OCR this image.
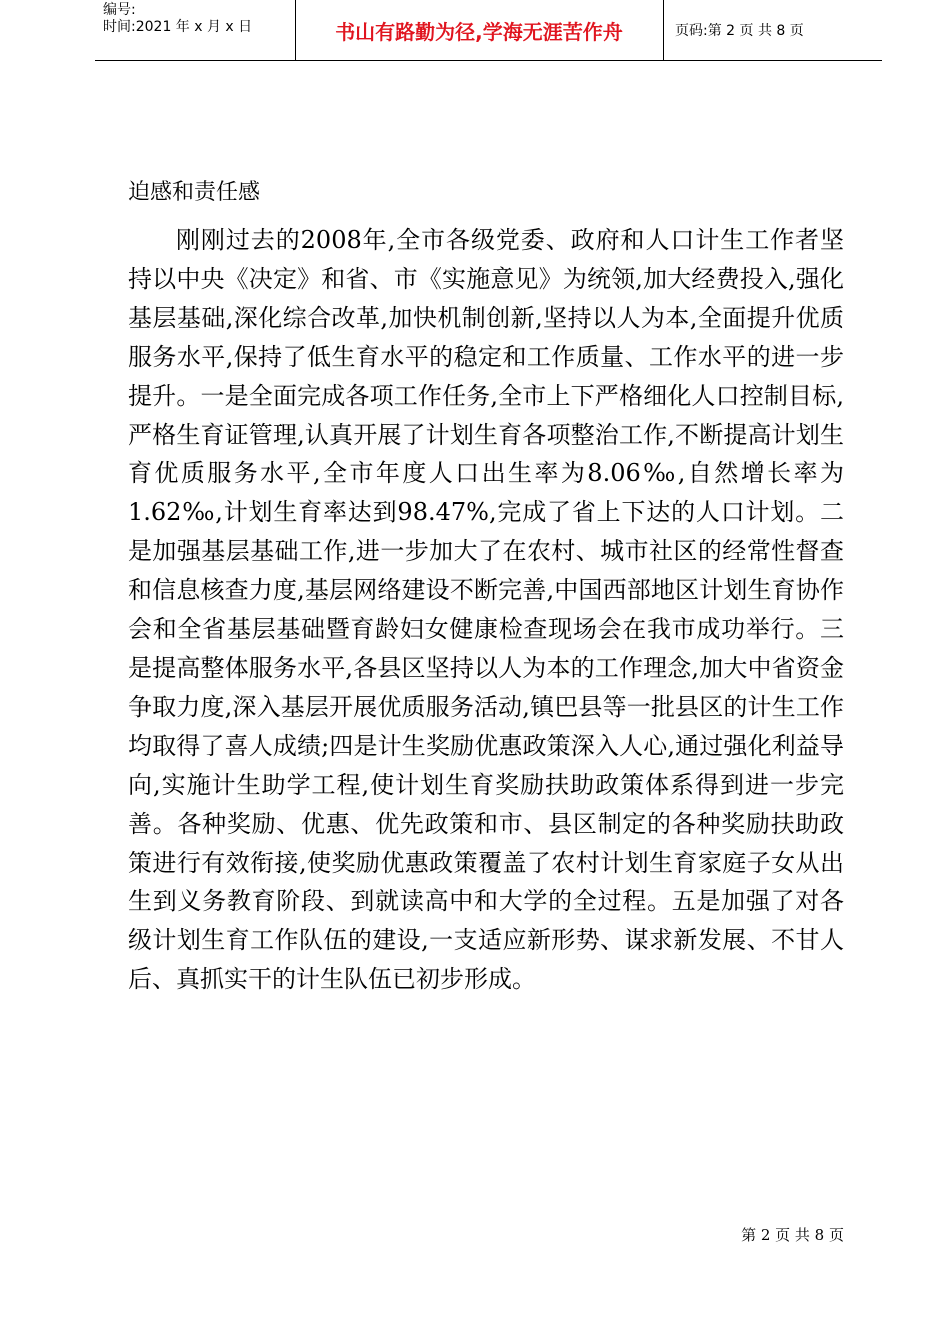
编号:
时间:2021 年 x 月 x 日	书山有路勤为径,学海无涯苦作舟	页码:第 2 页 共 8 页
迫感和责任感

刚刚过去的2008年,全市各级党委、政府和人口计生工作者坚持以中央《决定》和省、市《实施意见》为统领,加大经费投入,强化基层基础,深化综合改革,加快机制创新,坚持以人为本,全面提升优质服务水平,保持了低生育水平的稳定和工作质量、工作水平的进一步提升。一是全面完成各项工作任务,全市上下严格细化人口控制目标,严格生育证管理,认真开展了计划生育各项整治工作,不断提高计划生育优质服务水平,全市年度人口出生率为8.06‰,自然增长率为1.62‰,计划生育率达到98.47%,完成了省上下达的人口计划。二是加强基层基础工作,进一步加大了在农村、城市社区的经常性督查和信息核查力度,基层网络建设不断完善,中国西部地区计划生育协作会和全省基层基础暨育龄妇女健康检查现场会在我市成功举行。三是提高整体服务水平,各县区坚持以人为本的工作理念,加大中省资金争取力度,深入基层开展优质服务活动,镇巴县等一批县区的计生工作均取得了喜人成绩;四是计生奖励优惠政策深入人心,通过强化利益导向,实施计生助学工程,使计划生育奖励扶助政策体系得到进一步完善。各种奖励、优惠、优先政策和市、县区制定的各种奖励扶助政策进行有效衔接,使奖励优惠政策覆盖了农村计划生育家庭子女从出生到义务教育阶段、到就读高中和大学的全过程。五是加强了对各级计划生育工作队伍的建设,一支适应新形势、谋求新发展、不甘人后、真抓实干的计生队伍已初步形成。

第 2 页 共 8 页
